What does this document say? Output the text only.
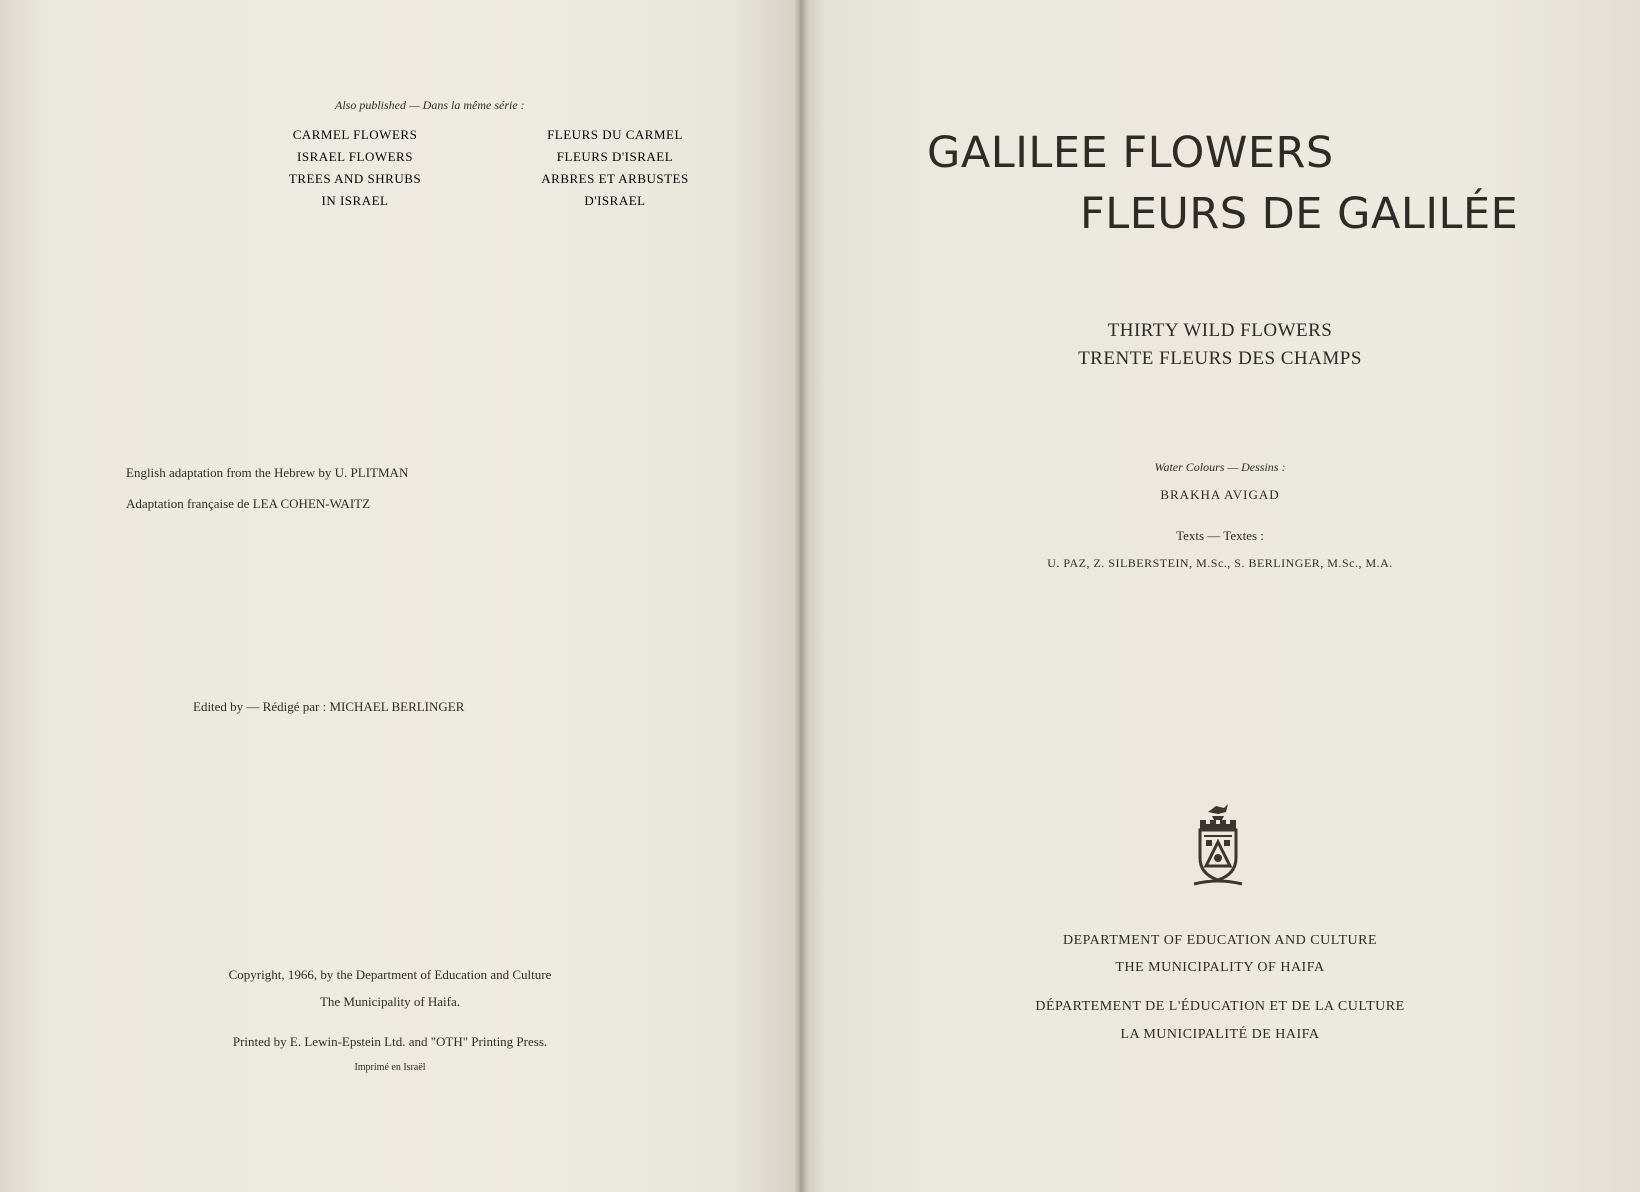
Also published — Dans la même série :
CARMEL FLOWERS
ISRAEL FLOWERS
TREES AND SHRUBS
IN ISRAEL
FLEURS DU CARMEL
FLEURS D'ISRAEL
ARBRES ET ARBUSTES
D'ISRAEL
English adaptation from the Hebrew by U. PLITMAN
Adaptation française de LEA COHEN-WAITZ
Edited by — Rédigé par : MICHAEL BERLINGER
Copyright, 1966, by the Department of Education and Culture
The Municipality of Haifa.
Printed by E. Lewin-Epstein Ltd. and "OTH" Printing Press.
Imprimé en Israël
GALILEE FLOWERS
FLEURS DE GALILÉE
THIRTY WILD FLOWERS
TRENTE FLEURS DES CHAMPS
Water Colours — Dessins :
BRAKHA AVIGAD
Texts — Textes :
U. PAZ, Z. SILBERSTEIN, M.Sc., S. BERLINGER, M.Sc., M.A.
DEPARTMENT OF EDUCATION AND CULTURE
THE MUNICIPALITY OF HAIFA
DÉPARTEMENT DE L'ÉDUCATION ET DE LA CULTURE
LA MUNICIPALITÉ DE HAIFA
